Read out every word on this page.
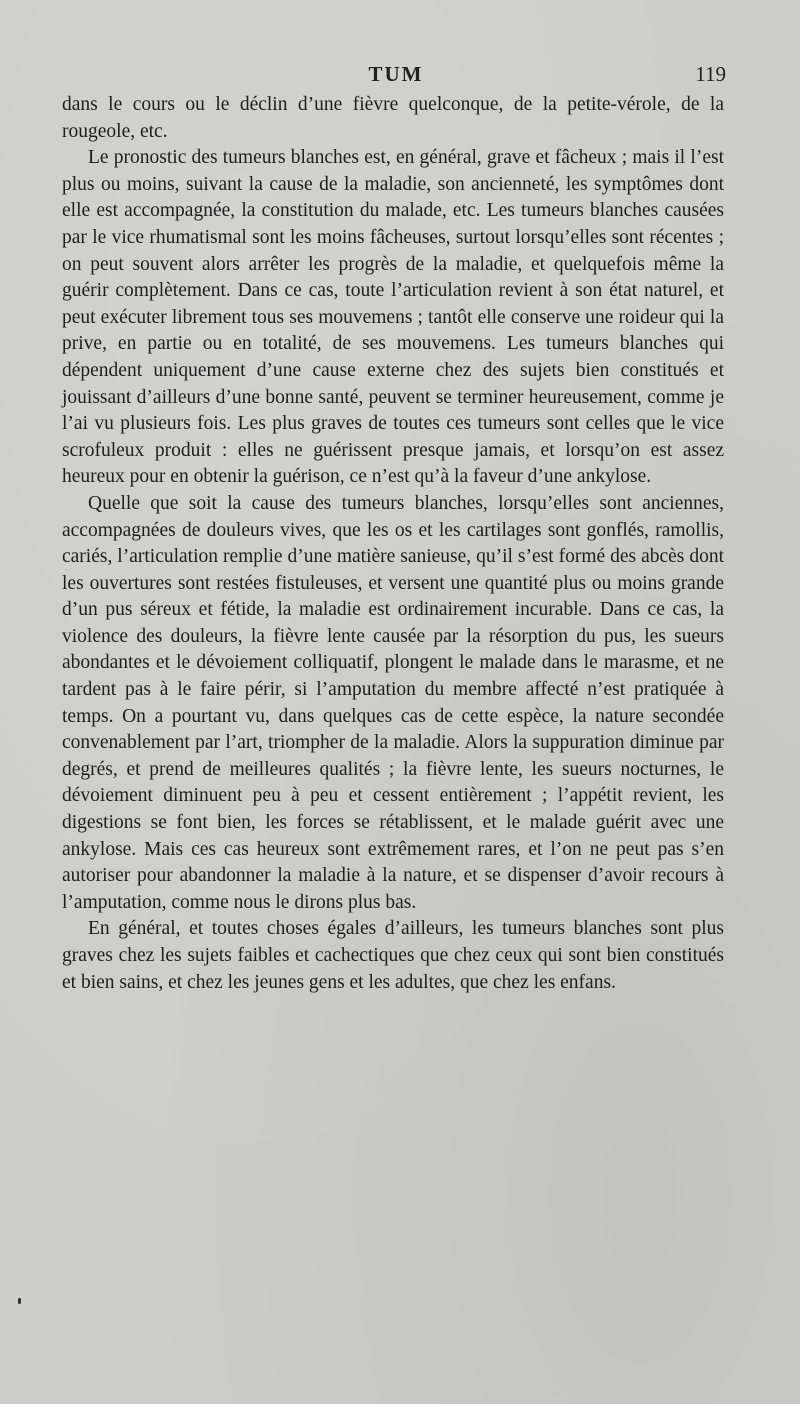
TUM	119

dans le cours ou le déclin d’une fièvre quelconque, de la petite-vérole, de la rougeole, etc.

Le pronostic des tumeurs blanches est, en général, grave et fâcheux ; mais il l’est plus ou moins, suivant la cause de la maladie, son ancienneté, les symptômes dont elle est accompagnée, la constitution du malade, etc. Les tumeurs blanches causées par le vice rhumatismal sont les moins fâcheuses, surtout lorsqu’elles sont récentes ; on peut souvent alors arrêter les progrès de la maladie, et quelquefois même la guérir complètement. Dans ce cas, toute l’articulation revient à son état naturel, et peut exécuter librement tous ses mouvemens ; tantôt elle conserve une roideur qui la prive, en partie ou en totalité, de ses mouvemens. Les tumeurs blanches qui dépendent uniquement d’une cause externe chez des sujets bien constitués et jouissant d’ailleurs d’une bonne santé, peuvent se terminer heureusement, comme je l’ai vu plusieurs fois. Les plus graves de toutes ces tumeurs sont celles que le vice scrofuleux produit : elles ne guérissent presque jamais, et lorsqu’on est assez heureux pour en obtenir la guérison, ce n’est qu’à la faveur d’une ankylose.

Quelle que soit la cause des tumeurs blanches, lorsqu’elles sont anciennes, accompagnées de douleurs vives, que les os et les cartilages sont gonflés, ramollis, cariés, l’articulation remplie d’une matière sanieuse, qu’il s’est formé des abcès dont les ouvertures sont restées fistuleuses, et versent une quantité plus ou moins grande d’un pus séreux et fétide, la maladie est ordinairement incurable. Dans ce cas, la violence des douleurs, la fièvre lente causée par la résorption du pus, les sueurs abondantes et le dévoiement colliquatif, plongent le malade dans le marasme, et ne tardent pas à le faire périr, si l’amputation du membre affecté n’est pratiquée à temps. On a pourtant vu, dans quelques cas de cette espèce, la nature secondée convenablement par l’art, triompher de la maladie. Alors la suppuration diminue par degrés, et prend de meilleures qualités ; la fièvre lente, les sueurs nocturnes, le dévoiement diminuent peu à peu et cessent entièrement ; l’appétit revient, les digestions se font bien, les forces se rétablissent, et le malade guérit avec une ankylose. Mais ces cas heureux sont extrêmement rares, et l’on ne peut pas s’en autoriser pour abandonner la maladie à la nature, et se dispenser d’avoir recours à l’amputation, comme nous le dirons plus bas.

En général, et toutes choses égales d’ailleurs, les tumeurs blanches sont plus graves chez les sujets faibles et cachectiques que chez ceux qui sont bien constitués et bien sains, et chez les jeunes gens et les adultes, que chez les enfans.
